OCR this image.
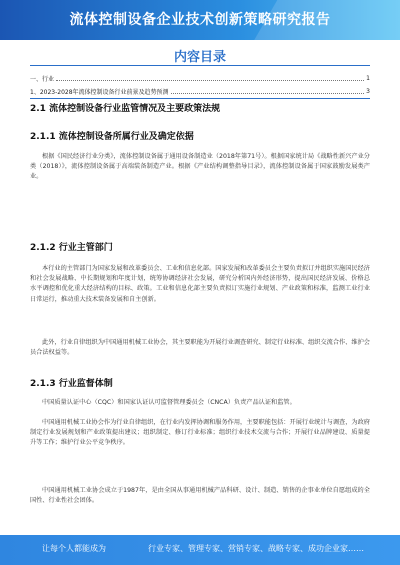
流体控制设备企业技术创新策略研究报告
内容目录
一、行业	1
1、2023-2028年流体控制设备行业前景及趋势预测	3
2.1 流体控制设备行业监管情况及主要政策法规
2.1.1 流体控制设备所属行业及确定依据
根据《国民经济行业分类》，流体控制设备属于通用设备制造业（2018年第71号）。根据国家统计局《战略性新兴产业分类（2018）》，流体控制设备属于高端装备制造产业。根据《产业结构调整指导目录》，流体控制设备属于国家鼓励发展类产业。
2.1.2 行业主管部门
本行业的主管部门为国家发展和改革委员会、工业和信息化部。国家发展和改革委员会主要负责拟订并组织实施国民经济和社会发展战略、中长期规划和年度计划，统筹协调经济社会发展，研究分析国内外经济形势，提出国民经济发展、价格总水平调控和优化重大经济结构的目标、政策。工业和信息化部主要负责拟订实施行业规划、产业政策和标准，监测工业行业日常运行，推动重大技术装备发展和自主创新。
此外，行业自律组织为中国通用机械工业协会，其主要职能为开展行业调查研究、制定行业标准、组织交流合作、维护会员合法权益等。
2.1.3 行业监督体制
中国质量认证中心（CQC）和国家认证认可监督管理委员会（CNCA）负责产品认证和监管。
中国通用机械工业协会作为行业自律组织，在行业内发挥协调和服务作用，主要职能包括：开展行业统计与调查，为政府制定行业发展规划和产业政策提出建议；组织制定、修订行业标准；组织行业技术交流与合作；开展行业品牌建设、质量提升等工作；维护行业公平竞争秩序。
中国通用机械工业协会成立于1987年，是由全国从事通用机械产品科研、设计、制造、销售的企事业单位自愿组成的全国性、行业性社会团体。
让每个人都能成为	行业专家、管理专家、营销专家、战略专家、成功企业家……
